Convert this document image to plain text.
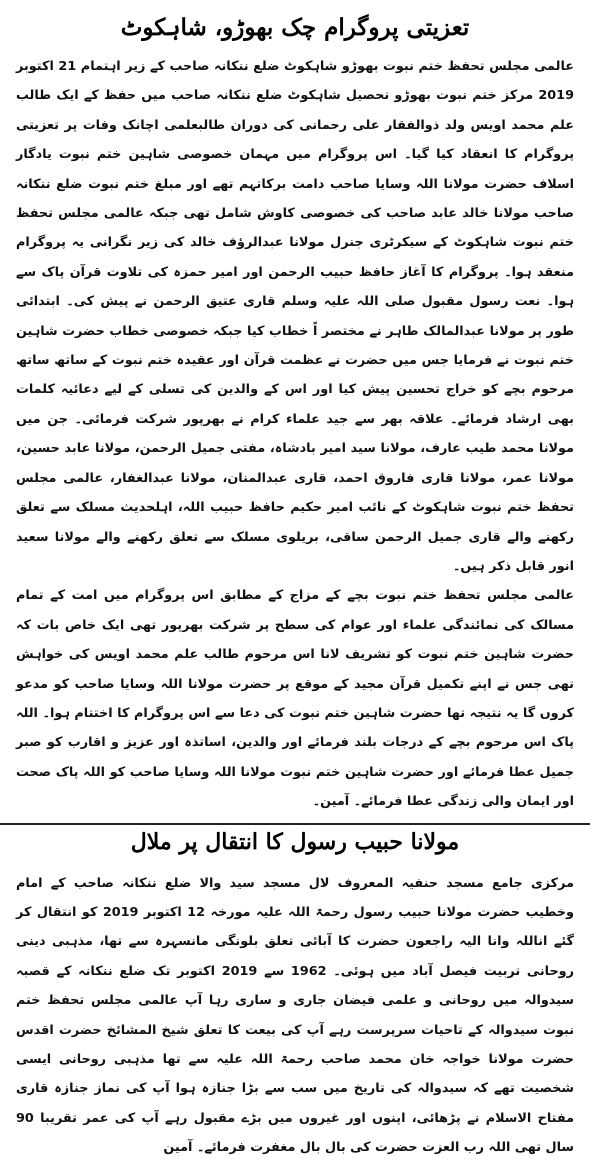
تعزیتی پروگرام چک بھوڑو، شاہکوٹ

عالمی مجلس تحفظ ختم نبوت بھوڑو شاہکوٹ ضلع ننکانہ صاحب کے زیر اہتمام 21 اکتوبر 2019 مرکز ختم نبوت بھوڑو تحصیل شاہکوٹ ضلع ننکانہ صاحب میں حفظ کے ایک طالب علم محمد اویس ولد ذوالفقار علی رحمانی کی دوران طالبعلمی اچانک وفات پر تعزیتی پروگرام کا انعقاد کیا گیا۔ اس پروگرام میں مہمان خصوصی شاہین ختم نبوت یادگار اسلاف حضرت مولانا اللہ وسایا صاحب دامت برکاتہم تھے اور مبلغ ختم نبوت ضلع ننکانہ صاحب مولانا خالد عابد صاحب کی خصوصی کاوش شامل تھی جبکہ عالمی مجلس تحفظ ختم نبوت شاہکوٹ کے سیکرٹری جنرل مولانا عبدالرؤف خالد کی زیر نگرانی یہ پروگرام منعقد ہوا۔ پروگرام کا آغاز حافظ حبیب الرحمن اور امیر حمزہ کی تلاوت قرآن پاک سے ہوا۔ نعت رسول مقبول صلی اللہ علیہ وسلم قاری عتیق الرحمن نے پیش کی۔ ابتدائی طور پر مولانا عبدالمالک طاہر نے مختصر اً خطاب کیا جبکہ خصوصی خطاب حضرت شاہین ختم نبوت نے فرمایا جس میں حضرت نے عظمت قرآن اور عقیدہ ختم نبوت کے ساتھ ساتھ مرحوم بچے کو خراج تحسین پیش کیا اور اس کے والدین کی تسلی کے لیے دعائیہ کلمات بھی ارشاد فرمائے۔ علاقہ بھر سے جید علماء کرام نے بھرپور شرکت فرمائی۔ جن میں مولانا محمد طیب عارف، مولانا سید امیر بادشاہ، مفتی جمیل الرحمن، مولانا عابد حسین، مولانا عمر، مولانا قاری فاروق احمد، قاری عبدالمنان، مولانا عبدالغفار، عالمی مجلس تحفظ ختم نبوت شاہکوٹ کے نائب امیر حکیم حافظ حبیب اللہ، اہلحدیث مسلک سے تعلق رکھنے والے قاری جمیل الرحمن ساقی، بریلوی مسلک سے تعلق رکھنے والے مولانا سعید انور قابل ذکر ہیں۔

عالمی مجلس تحفظ ختم نبوت بچے کے مزاج کے مطابق اس پروگرام میں امت کے تمام مسالک کی نمائندگی علماء اور عوام کی سطح پر شرکت بھرپور تھی ایک خاص بات کہ حضرت شاہین ختم نبوت کو تشریف لانا اس مرحوم طالب علم محمد اویس کی خواہش تھی جس نے اپنے تکمیل قرآن مجید کے موقع پر حضرت مولانا اللہ وسایا صاحب کو مدعو کروں گا یہ نتیجہ تھا حضرت شاہین ختم نبوت کی دعا سے اس پروگرام کا اختتام ہوا۔ اللہ پاک اس مرحوم بچے کے درجات بلند فرمائے اور والدین، اساتذہ اور عزیز و اقارب کو صبر جمیل عطا فرمائے اور حضرت شاہین ختم نبوت مولانا اللہ وسایا صاحب کو اللہ پاک صحت اور ایمان والی زندگی عطا فرمائے۔ آمین۔

مولانا حبیب رسول کا انتقال پر ملال

مرکزی جامع مسجد حنفیہ المعروف لال مسجد سید والا ضلع ننکانہ صاحب کے امام وخطیب حضرت مولانا حبیب رسول رحمۃ اللہ علیہ مورخہ 12 اکتوبر 2019 کو انتقال کر گئے اناللہ وانا الیہ راجعون حضرت کا آبائی تعلق بلونگی مانسہرہ سے تھا، مذہبی دینی روحانی تربیت فیصل آباد میں ہوئی۔ 1962 سے 2019 اکتوبر تک ضلع ننکانہ کے قصبہ سیدوالہ میں روحانی و علمی فیضان جاری و ساری رہا آپ عالمی مجلس تحفظ ختم نبوت سیدوالہ کے تاحیات سرپرست رہے آپ کی بیعت کا تعلق شیخ المشائخ حضرت اقدس حضرت مولانا خواجہ خان محمد صاحب رحمۃ اللہ علیہ سے تھا مذہبی روحانی ایسی شخصیت تھے کہ سیدوالہ کی تاریخ میں سب سے بڑا جنازہ ہوا آپ کی نماز جنازہ قاری مفتاح الاسلام نے پڑھائی، اپنوں اور غیروں میں بڑے مقبول رہے آپ کی عمر تقریبا 90 سال تھی اللہ رب العزت حضرت کی بال بال مغفرت فرمائے۔ آمین
